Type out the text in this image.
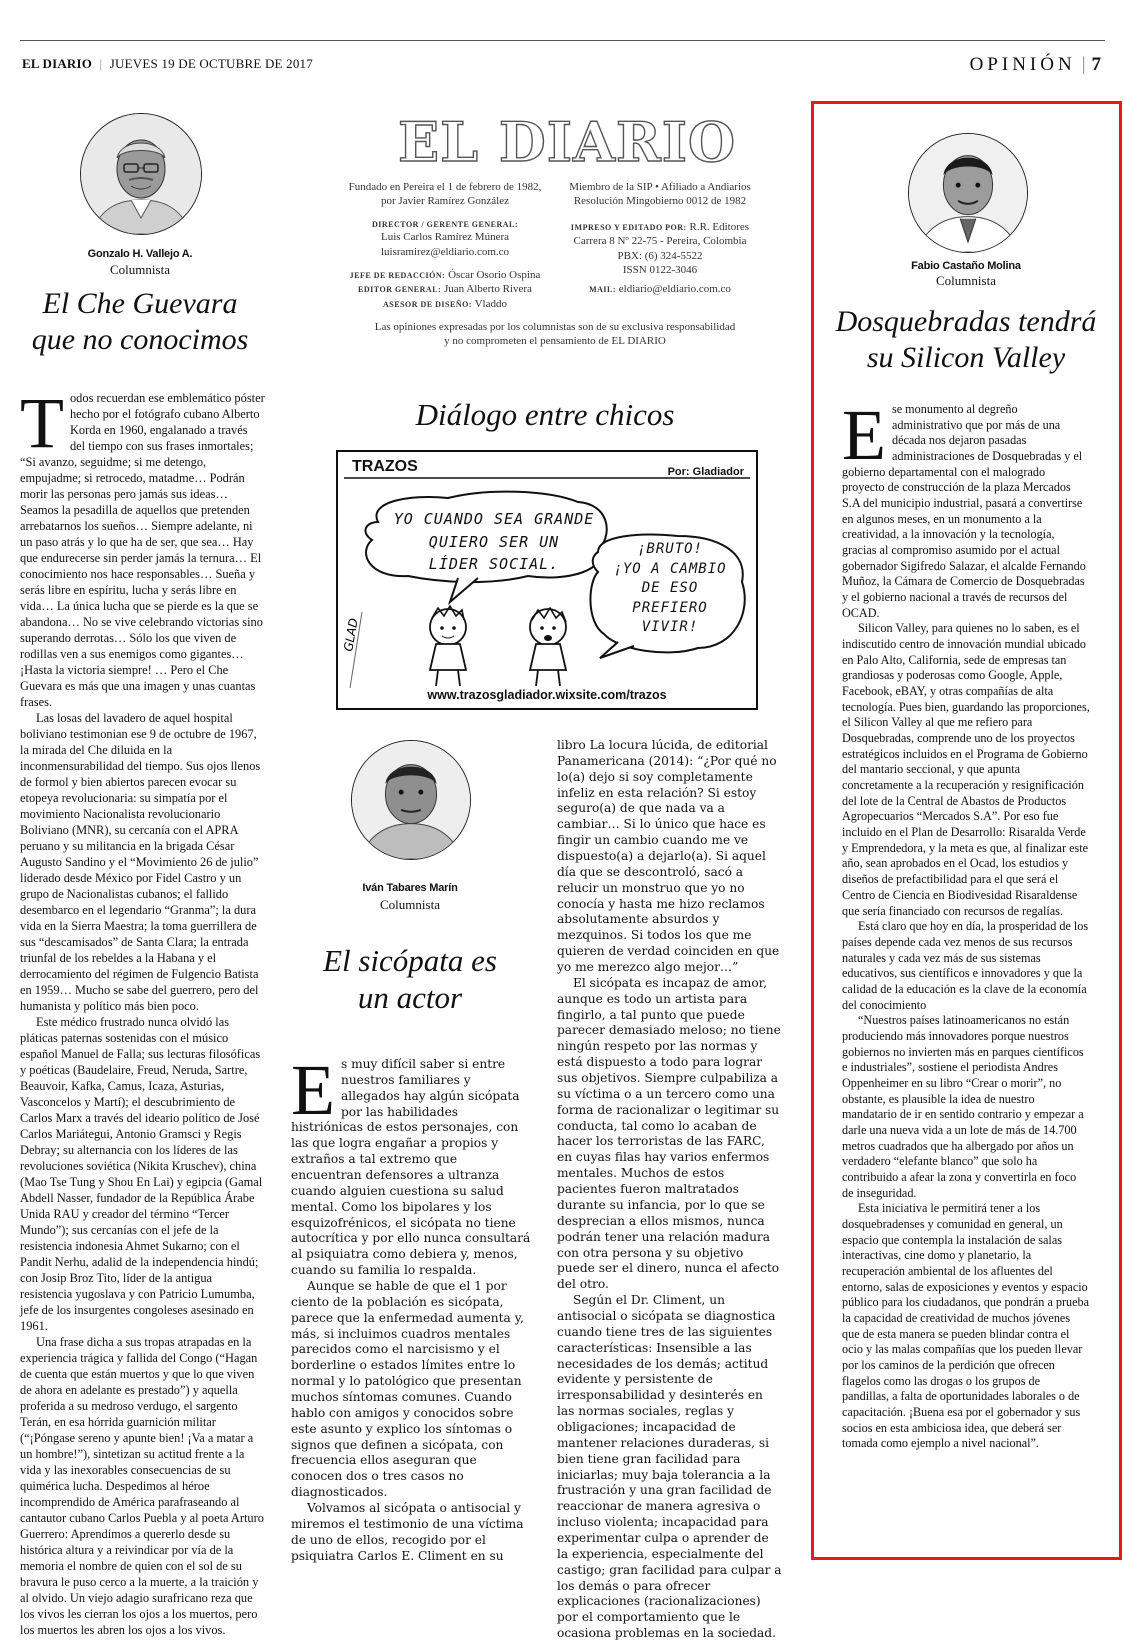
EL DIARIO | JUEVES 19 DE OCTUBRE DE 2017	OPINIÓN | 7
Gonzalo H. Vallejo A.
Columnista
El Che Guevara
que no conocimos

Todos recuerdan ese emblemático póster hecho por el fotógrafo cubano Alberto Korda en 1960, engalanado a través del tiempo con sus frases inmortales; “Si avanzo, seguidme; si me detengo, empujadme; si retrocedo, matadme… Podrán morir las personas pero jamás sus ideas… Seamos la pesadilla de aquellos que pretenden arrebatarnos los sueños… Siempre adelante, ni un paso atrás y lo que ha de ser, que sea… Hay que endurecerse sin perder jamás la ternura… El conocimiento nos hace responsables… Sueña y serás libre en espíritu, lucha y serás libre en vida… La única lucha que se pierde es la que se abandona… No se vive celebrando victorias sino superando derrotas… Sólo los que viven de rodillas ven a sus enemigos como gigantes… ¡Hasta la victoria siempre! … Pero el Che Guevara es más que una imagen y unas cuantas frases.

Las losas del lavadero de aquel hospital boliviano testimonian ese 9 de octubre de 1967, la mirada del Che diluida en la inconmensurabilidad del tiempo. Sus ojos llenos de formol y bien abiertos parecen evocar su etopeya revolucionaria: su simpatía por el movimiento Nacionalista revolucionario Boliviano (MNR), su cercanía con el APRA peruano y su militancia en la brigada César Augusto Sandino y el “Movimiento 26 de julio” liderado desde México por Fidel Castro y un grupo de Nacionalistas cubanos; el fallido desembarco en el legendario “Granma”; la dura vida en la Sierra Maestra; la toma guerrillera de sus “descamisados” de Santa Clara; la entrada triunfal de los rebeldes a la Habana y el derrocamiento del régimen de Fulgencio Batista en 1959… Mucho se sabe del guerrero, pero del humanista y político más bien poco.

Este médico frustrado nunca olvidó las pláticas paternas sostenidas con el músico español Manuel de Falla; sus lecturas filosóficas y poéticas (Baudelaire, Freud, Neruda, Sartre, Beauvoir, Kafka, Camus, Icaza, Asturias, Vasconcelos y Martí); el descubrimiento de Carlos Marx a través del ideario político de José Carlos Mariátegui, Antonio Gramsci y Regis Debray; su alternancia con los líderes de las revoluciones soviética (Nikita Kruschev), china (Mao Tse Tung y Shou En Lai) y egipcia (Gamal Abdell Nasser, fundador de la República Árabe Unida RAU y creador del término “Tercer Mundo”); sus cercanías con el jefe de la resistencia indonesia Ahmet Sukarno; con el Pandit Nerhu, adalid de la independencia hindú; con Josip Broz Tito, líder de la antigua resistencia yugoslava y con Patricio Lumumba, jefe de los insurgentes congoleses asesinado en 1961.

Una frase dicha a sus tropas atrapadas en la experiencia trágica y fallida del Congo (“Hagan de cuenta que están muertos y que lo que viven de ahora en adelante es prestado”) y aquella proferida a su medroso verdugo, el sargento Terán, en esa hórrida guarnición militar (“¡Póngase sereno y apunte bien! ¡Va a matar a un hombre!”), sintetizan su actitud frente a la vida y las inexorables consecuencias de su quimérica lucha. Despedimos al héroe incomprendido de América parafraseando al cantautor cubano Carlos Puebla y al poeta Arturo Guerrero: Aprendimos a quererlo desde su histórica altura y a reivindicar por vía de la memoria el nombre de quien con el sol de su bravura le puso cerco a la muerte, a la traición y al olvido. Un viejo adagio surafricano reza que los vivos les cierran los ojos a los muertos, pero los muertos les abren los ojos a los vivos.

EL DIARIO
Fundado en Pereira el 1 de febrero de 1982,
por Javier Ramírez González
Miembro de la SIP • Afiliado a Andiarios
Resolución Mingobierno 0012 de 1982
DIRECTOR / GERENTE GENERAL:
Luis Carlos Ramírez Múnera
luisramirez@eldiario.com.co
IMPRESO Y EDITADO POR: R.R. Editores
Carrera 8 Nº 22-75 - Pereira, Colombia
PBX: (6) 324-5522
ISSN 0122-3046
JEFE DE REDACCIÓN: Óscar Osorio Ospina
EDITOR GENERAL: Juan Alberto Rivera
ASESOR DE DISEÑO: Vladdo
MAIL: eldiario@eldiario.com.co
Las opiniones expresadas por los columnistas son de su exclusiva responsabilidad
y no comprometen el pensamiento de EL DIARIO
Diálogo entre chicos
TRAZOS	Por: Gladiador
GLAD
YO CUANDO SEA GRANDE
QUIERO SER UN
LÍDER SOCIAL.
¡BRUTO!
¡YO A CAMBIO
DE ESO
PREFIERO
VIVIR!
www.trazosgladiador.wixsite.com/trazos
Iván Tabares Marín
Columnista
El sicópata es
un actor

Es muy difícil saber si entre nuestros familiares y allegados hay algún sicópata por las habilidades histriónicas de estos personajes, con las que logra engañar a propios y extraños a tal extremo que encuentran defensores a ultranza cuando alguien cuestiona su salud mental. Como los bipolares y los esquizofrénicos, el sicópata no tiene autocrítica y por ello nunca consultará al psiquiatra como debiera y, menos, cuando su familia lo respalda.

Aunque se hable de que el 1 por ciento de la población es sicópata, parece que la enfermedad aumenta y, más, si incluimos cuadros mentales parecidos como el narcisismo y el borderline o estados límites entre lo normal y lo patológico que presentan muchos síntomas comunes. Cuando hablo con amigos y conocidos sobre este asunto y explico los síntomas o signos que definen a sicópata, con frecuencia ellos aseguran que conocen dos o tres casos no diagnosticados.

Volvamos al sicópata o antisocial y miremos el testimonio de una víctima de uno de ellos, recogido por el psiquiatra Carlos E. Climent en su

libro La locura lúcida, de editorial Panamericana (2014): “¿Por qué no lo(a) dejo si soy completamente infeliz en esta relación? Si estoy seguro(a) de que nada va a cambiar… Si lo único que hace es fingir un cambio cuando me ve dispuesto(a) a dejarlo(a). Si aquel día que se descontroló, sacó a relucir un monstruo que yo no conocía y hasta me hizo reclamos absolutamente absurdos y mezquinos. Si todos los que me quieren de verdad coinciden en que yo me merezco algo mejor…”

El sicópata es incapaz de amor, aunque es todo un artista para fingirlo, a tal punto que puede parecer demasiado meloso; no tiene ningún respeto por las normas y está dispuesto a todo para lograr sus objetivos. Siempre culpabiliza a su víctima o a un tercero como una forma de racionalizar o legitimar su conducta, tal como lo acaban de hacer los terroristas de las FARC, en cuyas filas hay varios enfermos mentales. Muchos de estos pacientes fueron maltratados durante su infancia, por lo que se desprecian a ellos mismos, nunca podrán tener una relación madura con otra persona y su objetivo puede ser el dinero, nunca el afecto del otro.

Según el Dr. Climent, un antisocial o sicópata se diagnostica cuando tiene tres de las siguientes características: Insensible a las necesidades de los demás; actitud evidente y persistente de irresponsabilidad y desinterés en las normas sociales, reglas y obligaciones; incapacidad de mantener relaciones duraderas, si bien tiene gran facilidad para iniciarlas; muy baja tolerancia a la frustración y una gran facilidad de reaccionar de manera agresiva o incluso violenta; incapacidad para experimentar culpa o aprender de la experiencia, especialmente del castigo; gran facilidad para culpar a los demás o para ofrecer explicaciones (racionalizaciones) por el comportamiento que le ocasiona problemas en la sociedad.

Fabio Castaño Molina
Columnista
Dosquebradas tendrá
su Silicon Valley

Ese monumento al degreño administrativo que por más de una década nos dejaron pasadas administraciones de Dosquebradas y el gobierno departamental con el malogrado proyecto de construcción de la plaza Mercados S.A del municipio industrial, pasará a convertirse en algunos meses, en un monumento a la creatividad, a la innovación y la tecnología, gracias al compromiso asumido por el actual gobernador Sigifredo Salazar, el alcalde Fernando Muñoz, la Cámara de Comercio de Dosquebradas y el gobierno nacional a través de recursos del OCAD.

Silicon Valley, para quienes no lo saben, es el indiscutido centro de innovación mundial ubicado en Palo Alto, California, sede de empresas tan grandiosas y poderosas como Google, Apple, Facebook, eBAY, y otras compañías de alta tecnología. Pues bien, guardando las proporciones, el Silicon Valley al que me refiero para Dosquebradas, comprende uno de los proyectos estratégicos incluidos en el Programa de Gobierno del mantario seccional, y que apunta concretamente a la recuperación y resignificación del lote de la Central de Abastos de Productos Agropecuarios “Mercados S.A”. Por eso fue incluido en el Plan de Desarrollo: Risaralda Verde y Emprendedora, y la meta es que, al finalizar este año, sean aprobados en el Ocad, los estudios y diseños de prefactibilidad para el que será el Centro de Ciencia en Biodivesidad Risaraldense que sería financiado con recursos de regalías.

Está claro que hoy en día, la prosperidad de los países depende cada vez menos de sus recursos naturales y cada vez más de sus sistemas educativos, sus científicos e innovadores y que la calidad de la educación es la clave de la economía del conocimiento

“Nuestros países latinoamericanos no están produciendo más innovadores porque nuestros gobiernos no invierten más en parques científicos e industriales”, sostiene el periodista Andres Oppenheimer en su libro “Crear o morir”, no obstante, es plausible la idea de nuestro mandatario de ir en sentido contrario y empezar a darle una nueva vida a un lote de más de 14.700 metros cuadrados que ha albergado por años un verdadero “elefante blanco” que solo ha contribuido a afear la zona y convertirla en foco de inseguridad.

Esta iniciativa le permitirá tener a los dosquebradenses y comunidad en general, un espacio que contempla la instalación de salas interactivas, cine domo y planetario, la recuperación ambiental de los afluentes del entorno, salas de exposiciones y eventos y espacio público para los ciudadanos, que pondrán a prueba la capacidad de creatividad de muchos jóvenes que de esta manera se pueden blindar contra el ocio y las malas compañías que los pueden llevar por los caminos de la perdición que ofrecen flagelos como las drogas o los grupos de pandillas, a falta de oportunidades laborales o de capacitación. ¡Buena esa por el gobernador y sus socios en esta ambiciosa idea, que deberá ser tomada como ejemplo a nivel nacional”.
